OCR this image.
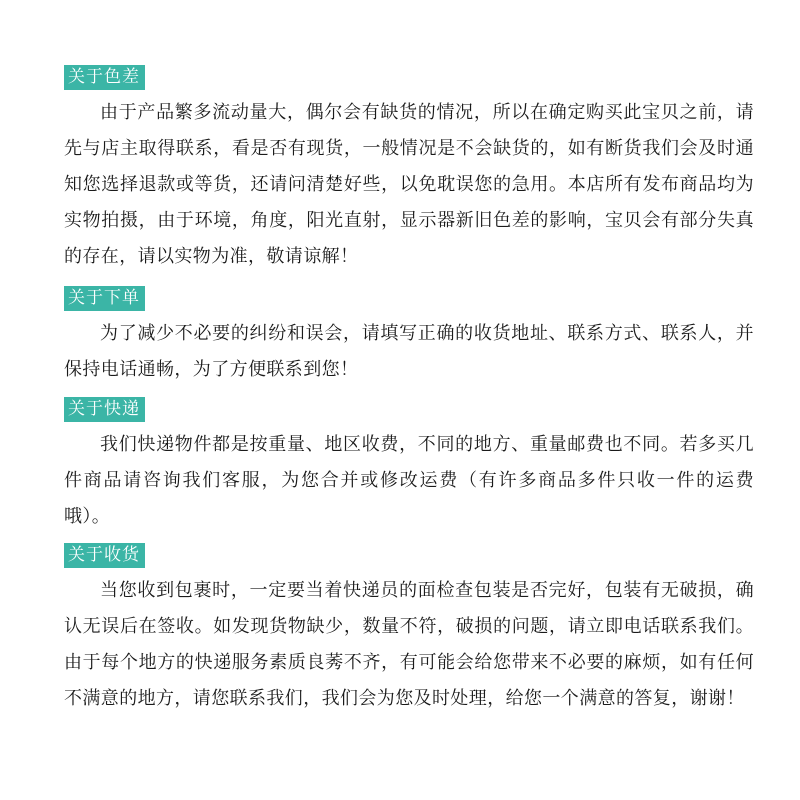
关于色差

由于产品繁多流动量大，偶尔会有缺货的情况，所以在确定购买此宝贝之前，请先与店主取得联系，看是否有现货，一般情况是不会缺货的，如有断货我们会及时通知您选择退款或等货，还请问清楚好些，以免耽误您的急用。本店所有发布商品均为实物拍摄，由于环境，角度，阳光直射，显示器新旧色差的影响，宝贝会有部分失真的存在，请以实物为准，敬请谅解！

关于下单

为了减少不必要的纠纷和误会，请填写正确的收货地址、联系方式、联系人，并保持电话通畅，为了方便联系到您！

关于快递

我们快递物件都是按重量、地区收费，不同的地方、重量邮费也不同。若多买几件商品请咨询我们客服，为您合并或修改运费（有许多商品多件只收一件的运费哦）。

关于收货

当您收到包裹时，一定要当着快递员的面检查包装是否完好，包装有无破损，确认无误后在签收。如发现货物缺少，数量不符，破损的问题，请立即电话联系我们。由于每个地方的快递服务素质良莠不齐，有可能会给您带来不必要的麻烦，如有任何不满意的地方，请您联系我们，我们会为您及时处理，给您一个满意的答复，谢谢！
